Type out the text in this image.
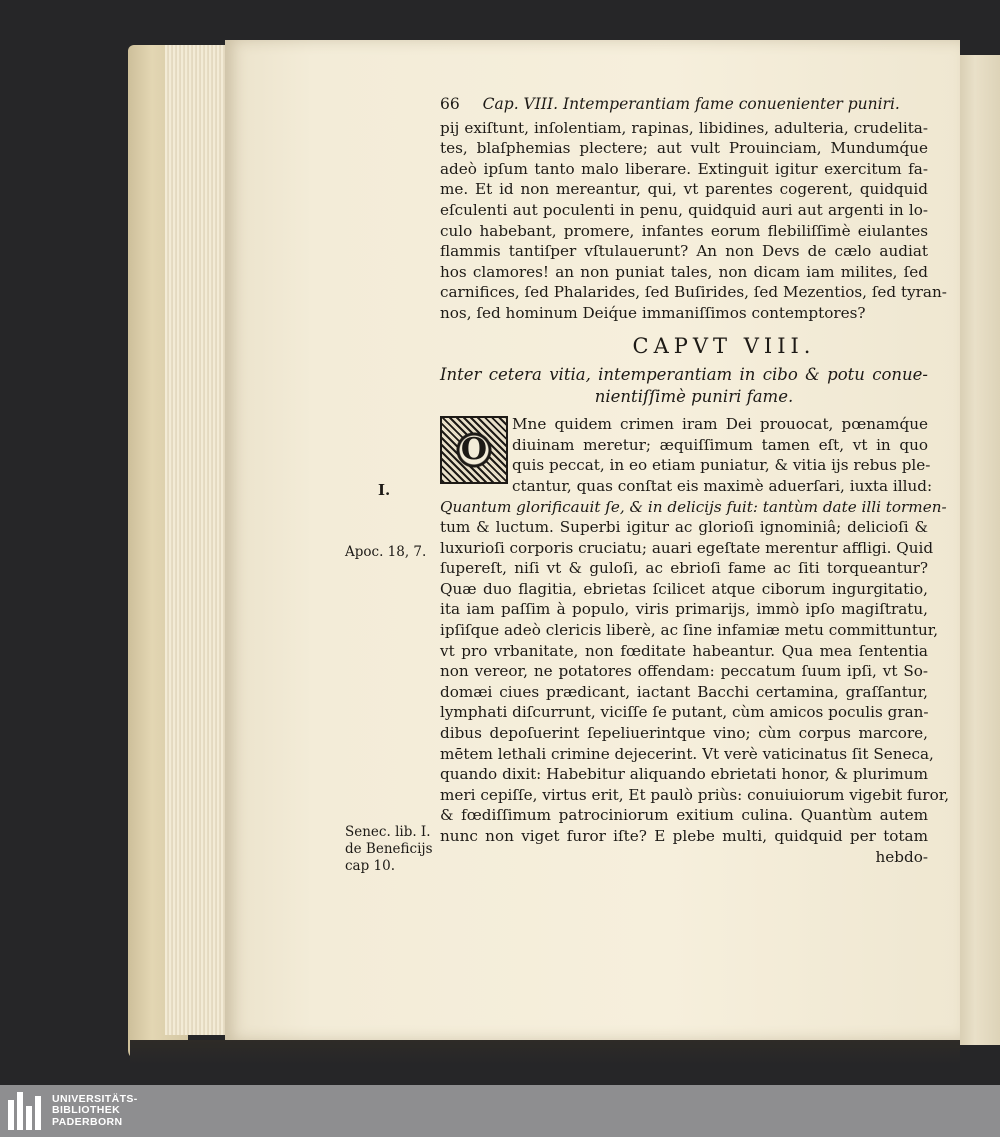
I.
Apoc. 18, 7.
Senec. lib. I.
de Beneficijs
cap 10.
66 Cap. VIII. Intemperantiam fame conuenienter puniri.
pij exiſtunt, inſolentiam, rapinas, libidines, adulteria, crudelita-
tes, blaſphemias plectere; aut vult Prouinciam, Mundumq́ue
adeò ipſum tanto malo liberare. Extinguit igitur exercitum fa-
me. Et id non mereantur, qui, vt parentes cogerent, quidquid
eſculenti aut poculenti in penu, quidquid auri aut argenti in lo-
culo habebant, promere, infantes eorum flebiliſſimè eiulantes
flammis tantiſper vſtulauerunt? An non Devs de cælo audiat
hos clamores! an non puniat tales, non dicam iam milites, ſed
carnifices, ſed Phalarides, ſed Buſirides, ſed Mezentios, ſed tyran-
nos, ſed hominum Deiq́ue immaniſſimos contemptores?
CAPVT VIII.
Inter cetera vitia, intemperantiam in cibo & potu conue-
nientiſſimè puniri fame.
O
Mne quidem crimen iram Dei prouocat, pœnamq́ue
diuinam meretur; æquiſſimum tamen eſt, vt in quo
quis peccat, in eo etiam puniatur, & vitia ijs rebus ple-
ctantur, quas conſtat eis maximè aduerſari, iuxta illud:
Quantum glorificauit ſe, & in delicijs fuit: tantùm date illi tormen-
tum & luctum. Superbi igitur ac glorioſi ignominiâ; delicioſi &
luxurioſi corporis cruciatu; auari egeſtate merentur affligi. Quid
ſupereſt, niſi vt & guloſi, ac ebrioſi fame ac ſiti torqueantur?
Quæ duo flagitia, ebrietas ſcilicet atque ciborum ingurgitatio,
ita iam paſſim à populo, viris primarijs, immò ipſo magiſtratu,
ipſiſque adeò clericis liberè, ac ſine infamiæ metu committuntur,
vt pro vrbanitate, non fœditate habeantur. Qua mea ſententia
non vereor, ne potatores offendam: peccatum ſuum ipſi, vt So-
domæi ciues prædicant, iactant Bacchi certamina, graſſantur,
lymphati diſcurrunt, viciſſe ſe putant, cùm amicos poculis gran-
dibus depoſuerint ſepeliuerintque vino; cùm corpus marcore,
mētem lethali crimine dejecerint. Vt verè vaticinatus ſit Seneca,
quando dixit: Habebitur aliquando ebrietati honor, & plurimum
meri cepiſſe, virtus erit, Et paulò priùs: conuiuiorum vigebit furor,
& fœdiſſimum patrociniorum exitium culina. Quantùm autem
nunc non viget furor iſte? E plebe multi, quidquid per totam
hebdo-
UNIVERSITÄTS-
BIBLIOTHEK
PADERBORN
